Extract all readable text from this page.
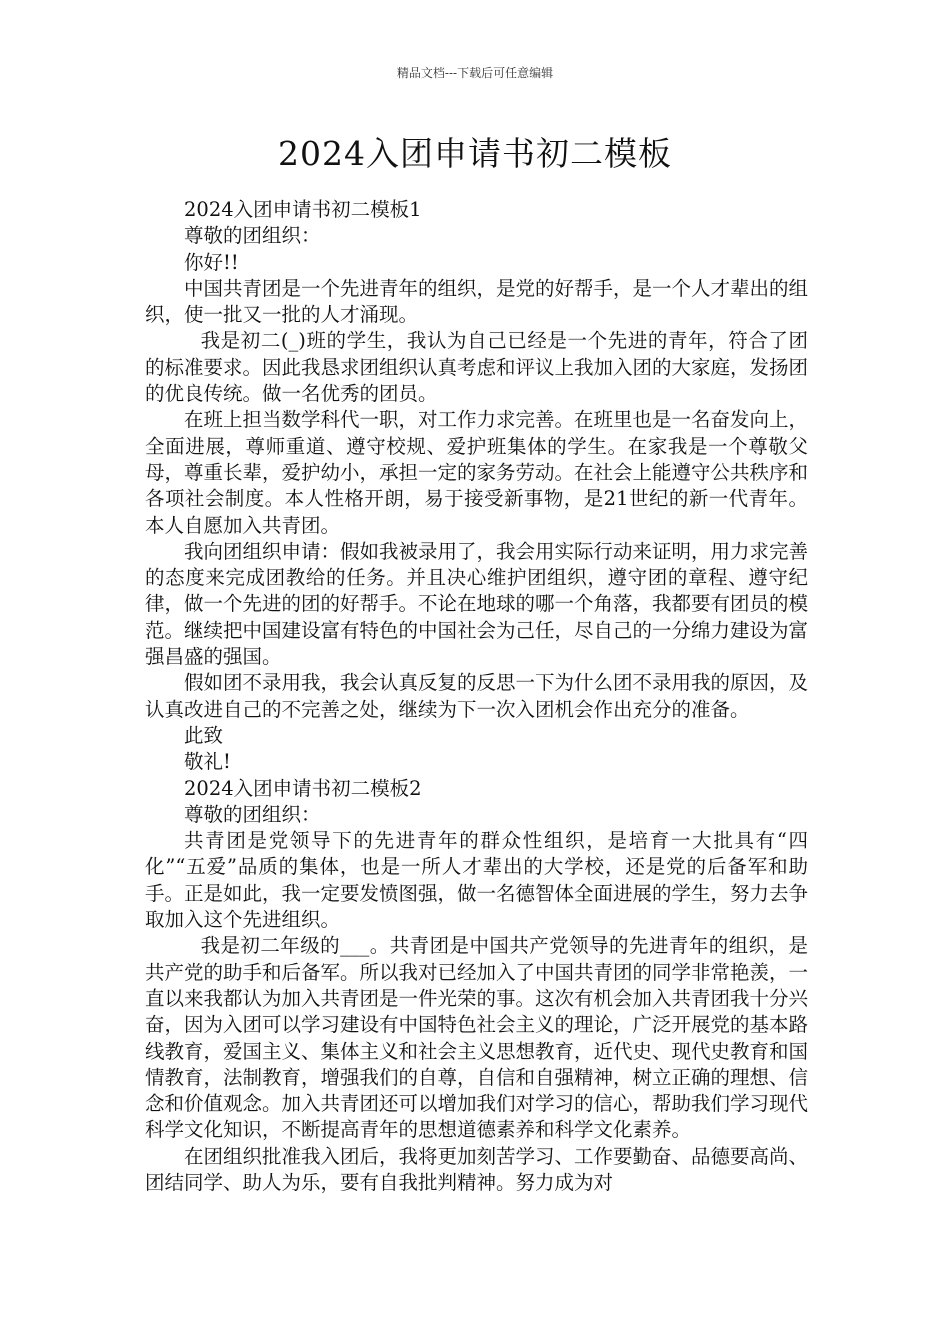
精品文档---下载后可任意编辑
2024入团申请书初二模板

2024入团申请书初二模板1

尊敬的团组织：

你好!!

中国共青团是一个先进青年的组织，是党的好帮手，是一个人才辈出的组织，使一批又一批的人才涌现。

我是初二(_)班的学生，我认为自己已经是一个先进的青年，符合了团的标准要求。因此我恳求团组织认真考虑和评议上我加入团的大家庭，发扬团的优良传统。做一名优秀的团员。

在班上担当数学科代一职，对工作力求完善。在班里也是一名奋发向上，全面进展，尊师重道、遵守校规、爱护班集体的学生。在家我是一个尊敬父母，尊重长辈，爱护幼小，承担一定的家务劳动。在社会上能遵守公共秩序和各项社会制度。本人性格开朗，易于接受新事物，是21世纪的新一代青年。本人自愿加入共青团。

我向团组织申请：假如我被录用了，我会用实际行动来证明，用力求完善的态度来完成团教给的任务。并且决心维护团组织，遵守团的章程、遵守纪律，做一个先进的团的好帮手。不论在地球的哪一个角落，我都要有团员的模范。继续把中国建设富有特色的中国社会为己任，尽自己的一分绵力建设为富强昌盛的强国。

假如团不录用我，我会认真反复的反思一下为什么团不录用我的原因，及认真改进自己的不完善之处，继续为下一次入团机会作出充分的准备。

此致

敬礼!

2024入团申请书初二模板2

尊敬的团组织：

共青团是党领导下的先进青年的群众性组织，是培育一大批具有“四化”“五爱”品质的集体，也是一所人才辈出的大学校，还是党的后备军和助手。正是如此，我一定要发愤图强，做一名德智体全面进展的学生，努力去争取加入这个先进组织。

我是初二年级的___。共青团是中国共产党领导的先进青年的组织，是共产党的助手和后备军。所以我对已经加入了中国共青团的同学非常艳羡，一直以来我都认为加入共青团是一件光荣的事。这次有机会加入共青团我十分兴奋，因为入团可以学习建设有中国特色社会主义的理论，广泛开展党的基本路线教育，爱国主义、集体主义和社会主义思想教育，近代史、现代史教育和国情教育，法制教育，增强我们的自尊，自信和自强精神，树立正确的理想、信念和价值观念。加入共青团还可以增加我们对学习的信心，帮助我们学习现代科学文化知识，不断提高青年的思想道德素养和科学文化素养。

在团组织批准我入团后，我将更加刻苦学习、工作要勤奋、品德要高尚、团结同学、助人为乐，要有自我批判精神。努力成为对
